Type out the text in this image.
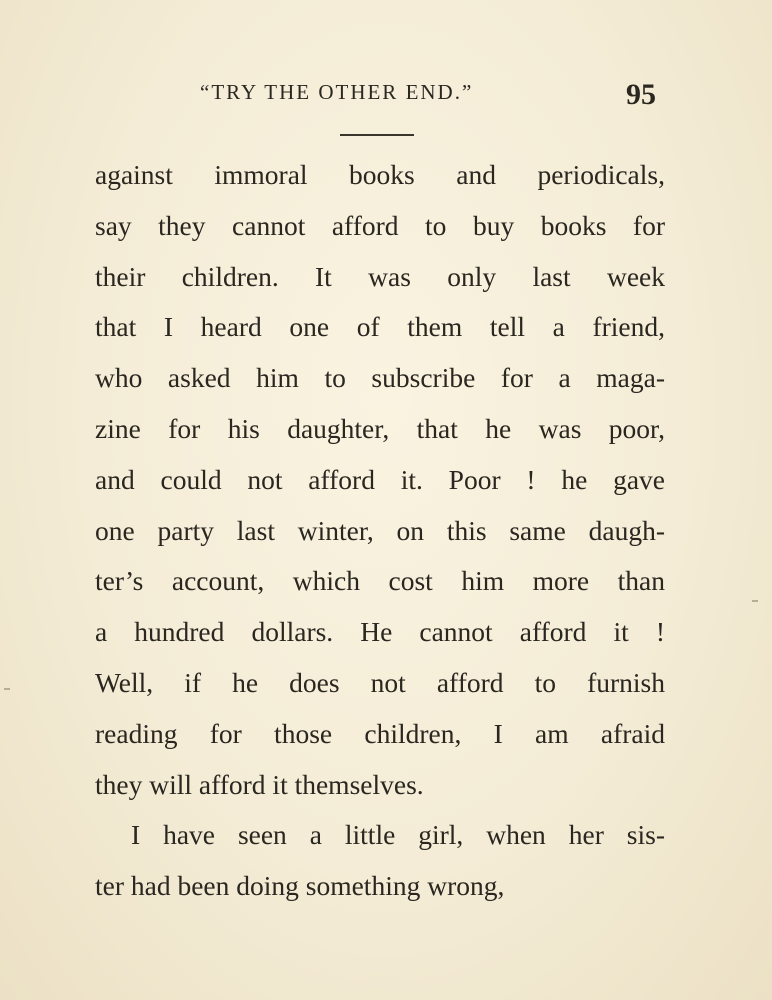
“TRY THE OTHER END.”	95
against immoral books and periodicals,
say they cannot afford to buy books for
their children. It was only last week
that I heard one of them tell a friend,
who asked him to subscribe for a maga-
zine for his daughter, that he was poor,
and could not afford it. Poor ! he gave
one party last winter, on this same daugh-
ter’s account, which cost him more than
a hundred dollars. He cannot afford it !
Well, if he does not afford to furnish
reading for those children, I am afraid
they will afford it themselves.
I have seen a little girl, when her sis-
ter had been doing something wrong,
